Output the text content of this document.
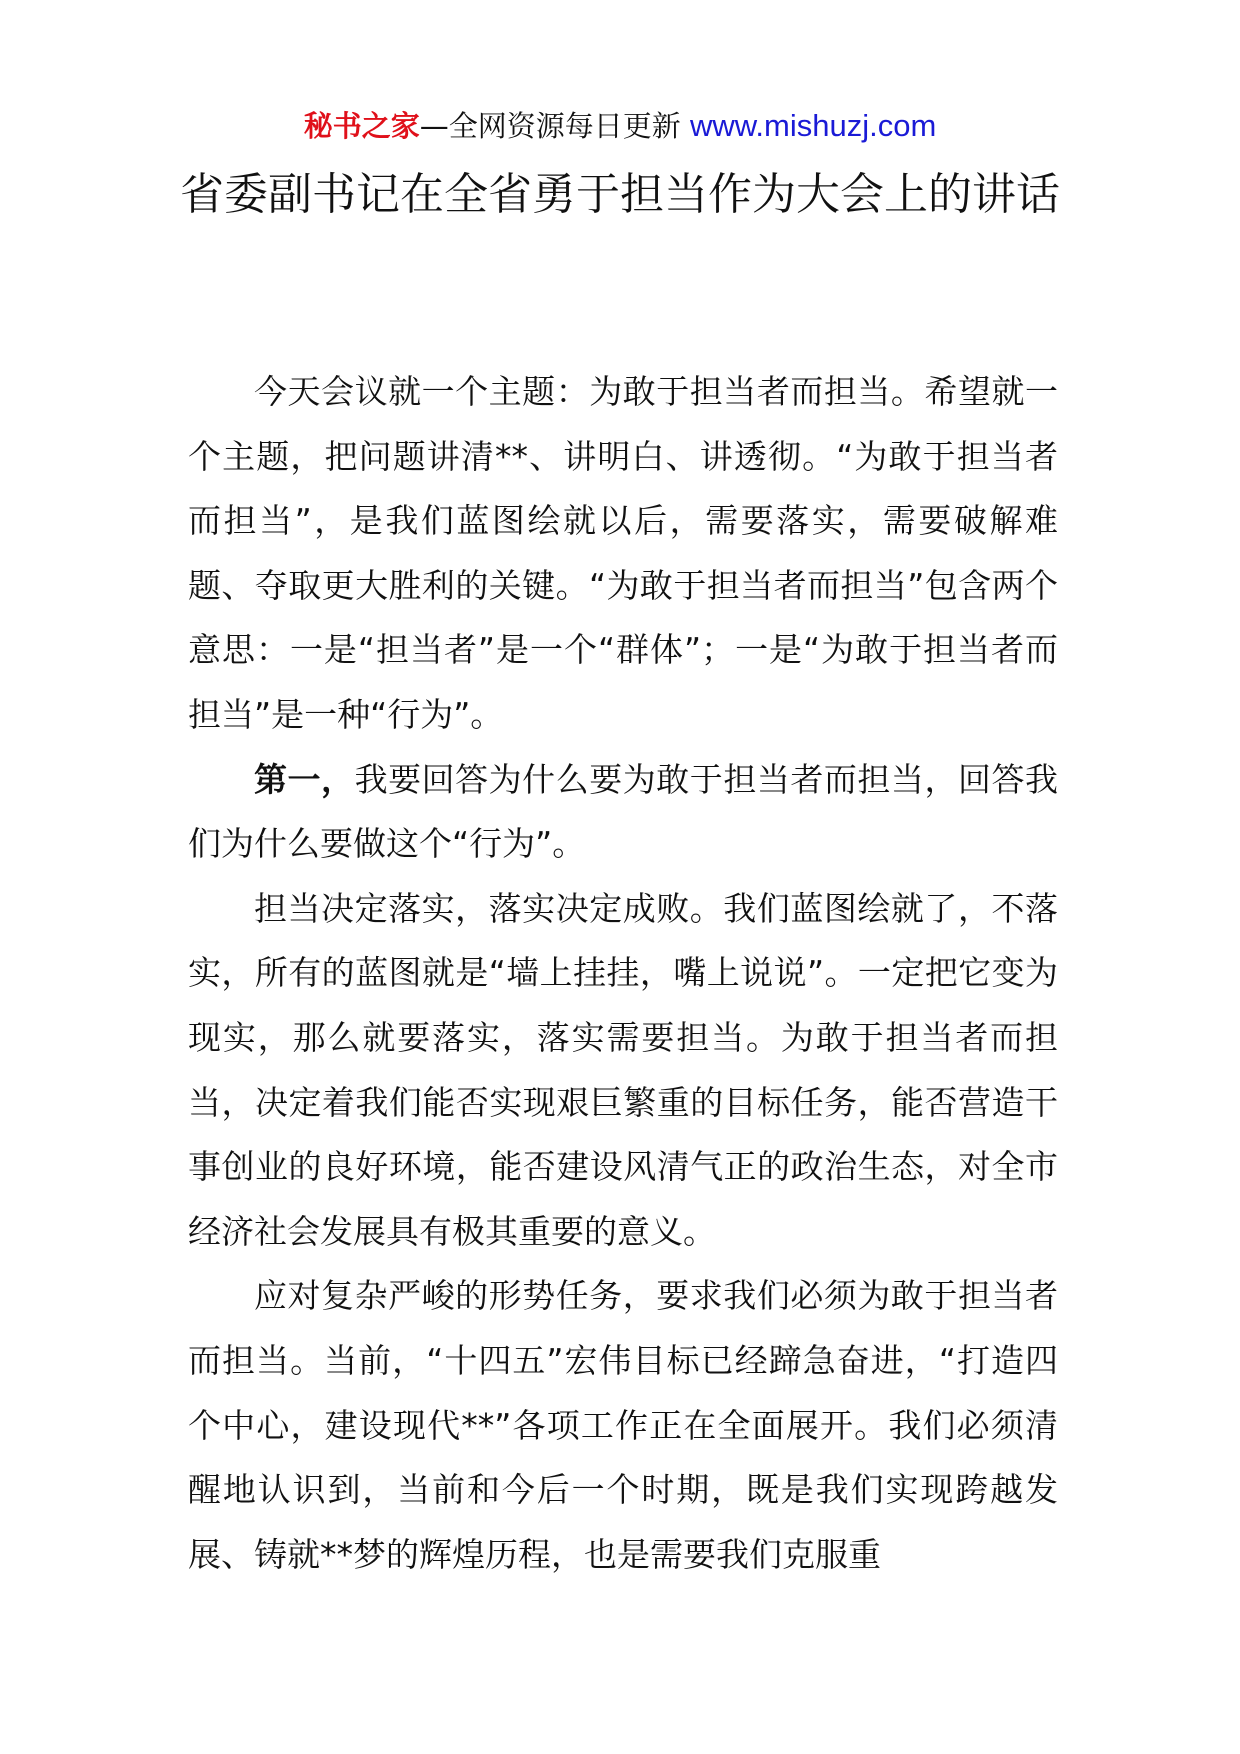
秘书之家—全网资源每日更新 www.mishuzj.com
省委副书记在全省勇于担当作为大会上的讲话

今天会议就一个主题：为敢于担当者而担当。希望就一个主题，把问题讲清**、讲明白、讲透彻。“为敢于担当者而担当”，是我们蓝图绘就以后，需要落实，需要破解难题、夺取更大胜利的关键。“为敢于担当者而担当”包含两个意思：一是“担当者”是一个“群体”；一是“为敢于担当者而担当”是一种“行为”。

第一，我要回答为什么要为敢于担当者而担当，回答我们为什么要做这个“行为”。

担当决定落实，落实决定成败。我们蓝图绘就了，不落实，所有的蓝图就是“墙上挂挂，嘴上说说”。一定把它变为现实，那么就要落实，落实需要担当。为敢于担当者而担当，决定着我们能否实现艰巨繁重的目标任务，能否营造干事创业的良好环境，能否建设风清气正的政治生态，对全市经济社会发展具有极其重要的意义。

应对复杂严峻的形势任务，要求我们必须为敢于担当者而担当。当前，“十四五”宏伟目标已经蹄急奋进，“打造四个中心，建设现代**”各项工作正在全面展开。我们必须清醒地认识到，当前和今后一个时期，既是我们实现跨越发展、铸就**梦的辉煌历程，也是需要我们克服重
